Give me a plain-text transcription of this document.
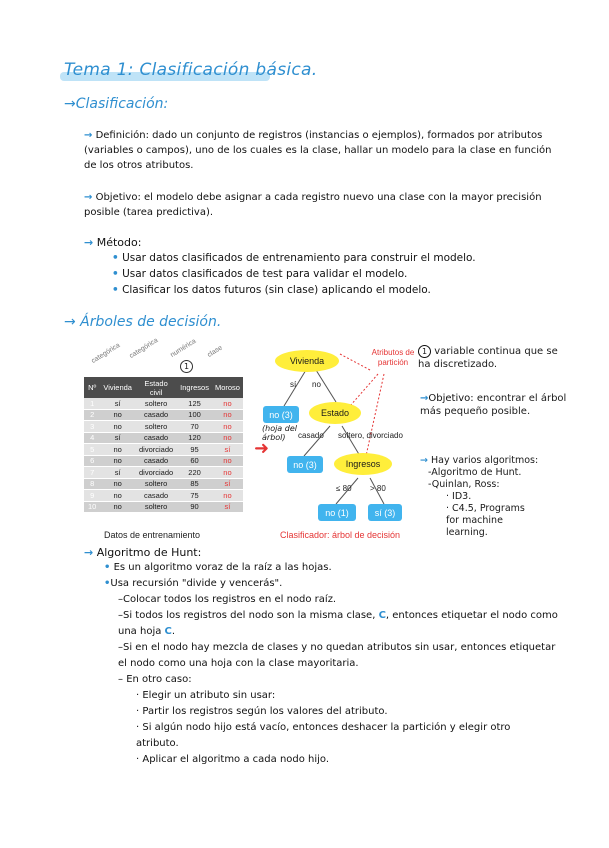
Tema 1: Clasificación básica.
→Clasificación:
→ Definición: dado un conjunto de registros (instancias o ejemplos), formados por atributos (variables o campos), uno de los cuales es la clase, hallar un modelo para la clase en función de los otros atributos.
→ Objetivo: el modelo debe asignar a cada registro nuevo una clase con la mayor precisión posible (tarea predictiva).
→ Método:
• Usar datos clasificados de entrenamiento para construir el modelo.
• Usar datos clasificados de test para validar el modelo.
• Clasificar los datos futuros (sin clase) aplicando el modelo.
→ Árboles de decisión.
categórica categórica numérica clase
1
Nº	Vivienda	Estado civil	Ingresos	Moroso
1	sí	soltero	125	no
2	no	casado	100	no
3	no	soltero	70	no
4	sí	casado	120	no
5	no	divorciado	95	sí
6	no	casado	60	no
7	sí	divorciado	220	no
8	no	soltero	85	sí
9	no	casado	75	no
10	no	soltero	90	sí
Datos de entrenamiento
➜
Vivienda
Atributos de partición
sí no
no (3)
(hoja del árbol)
Estado
casado soltero, divorciado
no (3)	Ingresos
≤ 80 > 80
no (1)	sí (3)
Clasificador: árbol de decisión
1 variable continua que se ha discretizado.
→Objetivo: encontrar el árbol más pequeño posible.
→ Hay varios algoritmos:
-Algoritmo de Hunt.
-Quinlan, Ross:
· ID3.
· C4.5, Programs for machine learning.
→ Algoritmo de Hunt:
• Es un algoritmo voraz de la raíz a las hojas.
•Usa recursión "divide y vencerás".
–Colocar todos los registros en el nodo raíz.
–Si todos los registros del nodo son la misma clase, C, entonces etiquetar el nodo como una hoja C.
–Si en el nodo hay mezcla de clases y no quedan atributos sin usar, entonces etiquetar el nodo como una hoja con la clase mayoritaria.
– En otro caso:
· Elegir un atributo sin usar:
· Partir los registros según los valores del atributo.
· Si algún nodo hijo está vacío, entonces deshacer la partición y elegir otro atributo.
· Aplicar el algoritmo a cada nodo hijo.
